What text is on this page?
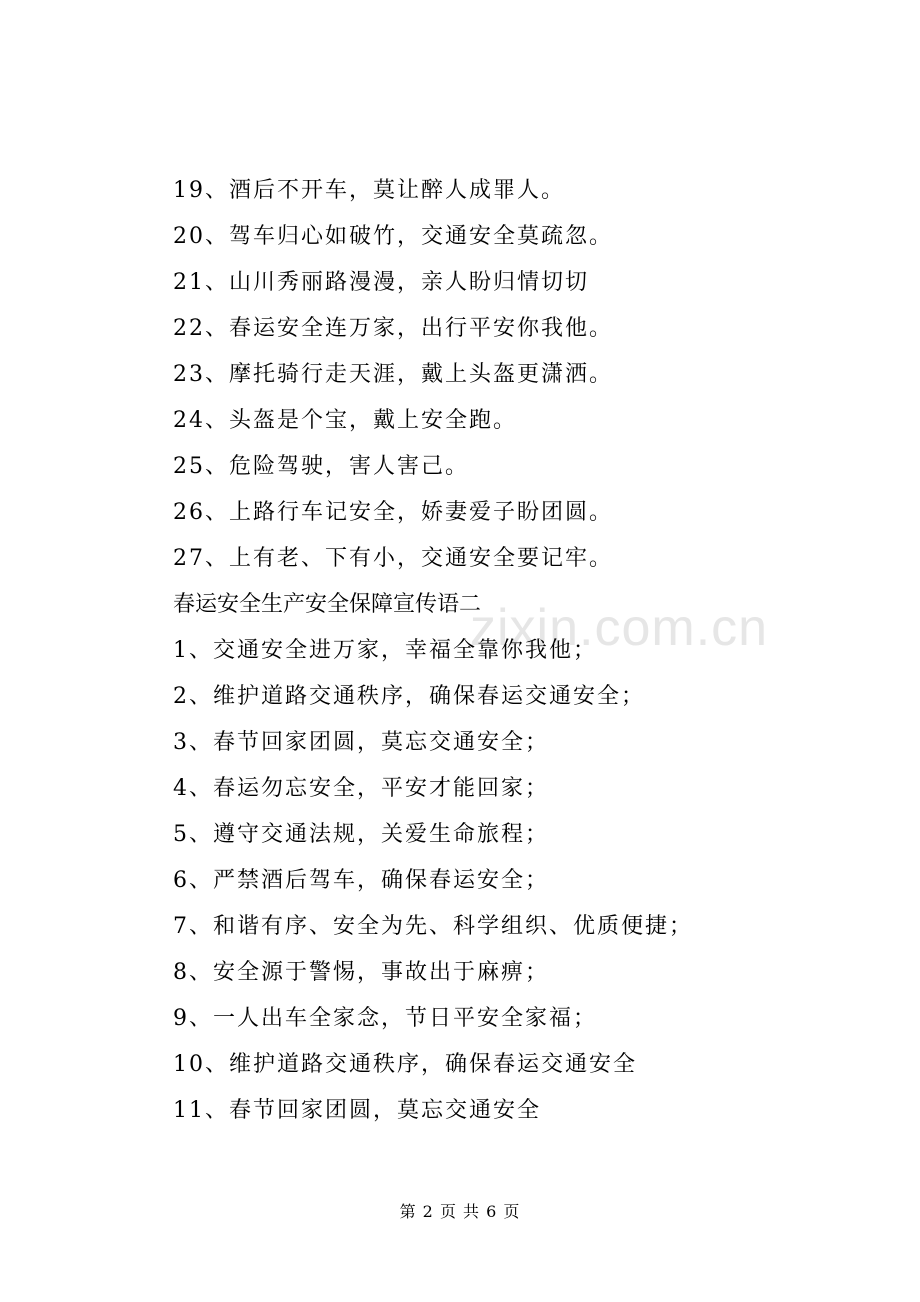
zixin.com.cn
19、酒后不开车，莫让醉人成罪人。
20、驾车归心如破竹，交通安全莫疏忽。
21、山川秀丽路漫漫，亲人盼归情切切
22、春运安全连万家，出行平安你我他。
23、摩托骑行走天涯，戴上头盔更潇洒。
24、头盔是个宝，戴上安全跑。
25、危险驾驶，害人害己。
26、上路行车记安全，娇妻爱子盼团圆。
27、上有老、下有小，交通安全要记牢。
春运安全生产安全保障宣传语二
1、交通安全进万家，幸福全靠你我他；
2、维护道路交通秩序，确保春运交通安全；
3、春节回家团圆，莫忘交通安全；
4、春运勿忘安全，平安才能回家；
5、遵守交通法规，关爱生命旅程；
6、严禁酒后驾车，确保春运安全；
7、和谐有序、安全为先、科学组织、优质便捷；
8、安全源于警惕，事故出于麻痹；
9、一人出车全家念，节日平安全家福；
10、维护道路交通秩序，确保春运交通安全
11、春节回家团圆，莫忘交通安全
第 2 页 共 6 页
